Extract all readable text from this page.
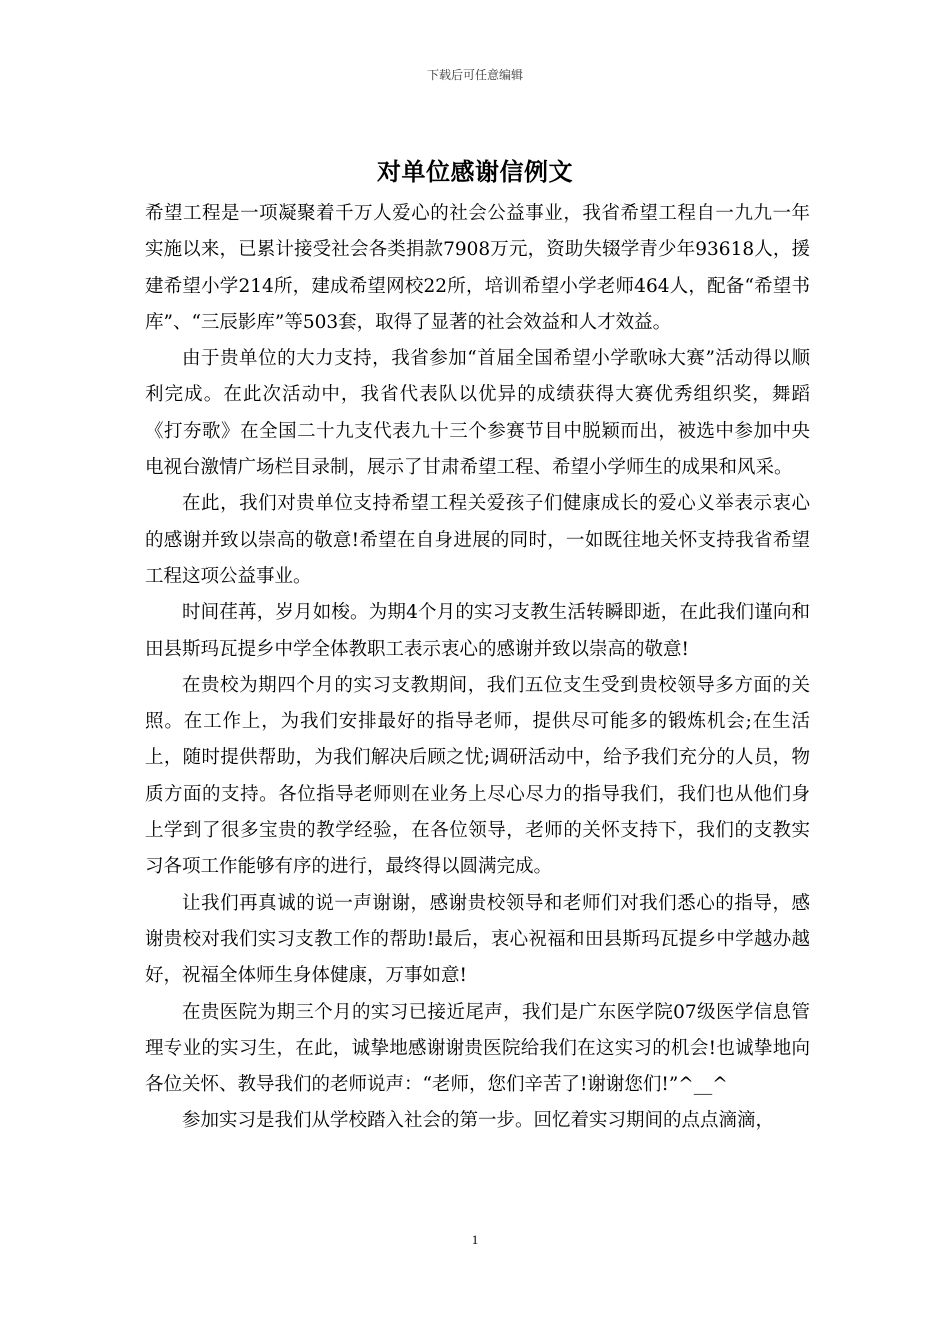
下载后可任意编辑
对单位感谢信例文

希望工程是一项凝聚着千万人爱心的社会公益事业，我省希望工程自一九九一年实施以来，已累计接受社会各类捐款7908万元，资助失辍学青少年93618人，援建希望小学214所，建成希望网校22所，培训希望小学老师464人，配备“希望书库”、“三辰影库”等503套，取得了显著的社会效益和人才效益。

由于贵单位的大力支持，我省参加“首届全国希望小学歌咏大赛”活动得以顺利完成。在此次活动中，我省代表队以优异的成绩获得大赛优秀组织奖，舞蹈《打夯歌》在全国二十九支代表九十三个参赛节目中脱颖而出，被选中参加中央电视台激情广场栏目录制，展示了甘肃希望工程、希望小学师生的成果和风采。

在此，我们对贵单位支持希望工程关爱孩子们健康成长的爱心义举表示衷心的感谢并致以崇高的敬意!希望在自身进展的同时，一如既往地关怀支持我省希望工程这项公益事业。

时间荏苒，岁月如梭。为期4个月的实习支教生活转瞬即逝，在此我们谨向和田县斯玛瓦提乡中学全体教职工表示衷心的感谢并致以崇高的敬意!

在贵校为期四个月的实习支教期间，我们五位支生受到贵校领导多方面的关照。在工作上，为我们安排最好的指导老师，提供尽可能多的锻炼机会;在生活上，随时提供帮助，为我们解决后顾之忧;调研活动中，给予我们充分的人员，物质方面的支持。各位指导老师则在业务上尽心尽力的指导我们，我们也从他们身上学到了很多宝贵的教学经验，在各位领导，老师的关怀支持下，我们的支教实习各项工作能够有序的进行，最终得以圆满完成。

让我们再真诚的说一声谢谢，感谢贵校领导和老师们对我们悉心的指导，感谢贵校对我们实习支教工作的帮助!最后，衷心祝福和田县斯玛瓦提乡中学越办越好，祝福全体师生身体健康，万事如意!

在贵医院为期三个月的实习已接近尾声，我们是广东医学院07级医学信息管理专业的实习生，在此，诚挚地感谢谢贵医院给我们在这实习的机会!也诚挚地向各位关怀、教导我们的老师说声：“老师，您们辛苦了!谢谢您们!”^__^

参加实习是我们从学校踏入社会的第一步。回忆着实习期间的点点滴滴，

1
